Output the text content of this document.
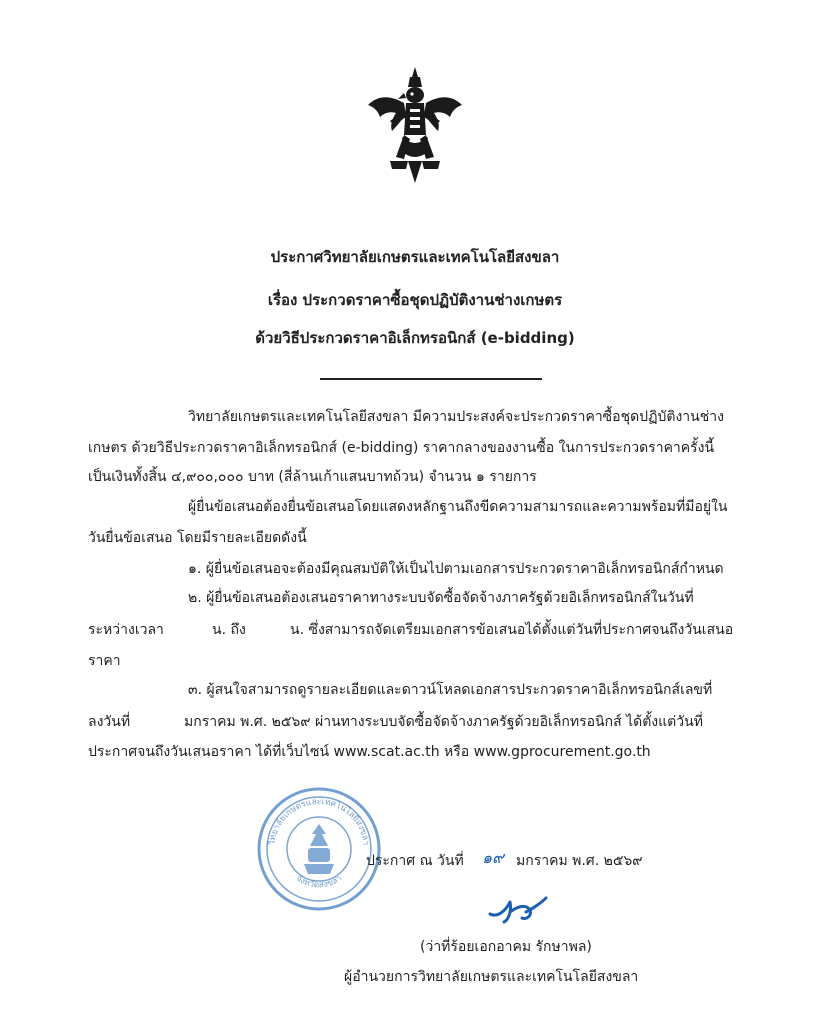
ประกาศวิทยาลัยเกษตรและเทคโนโลยีสงขลา
เรื่อง ประกวดราคาซื้อชุดปฏิบัติงานช่างเกษตร
ด้วยวิธีประกวดราคาอิเล็กทรอนิกส์ (e-bidding)
วิทยาลัยเกษตรและเทคโนโลยีสงขลา มีความประสงค์จะประกวดราคาซื้อชุดปฏิบัติงานช่าง
เกษตร ด้วยวิธีประกวดราคาอิเล็กทรอนิกส์ (e-bidding) ราคากลางของงานซื้อ ในการประกวดราคาครั้งนี้
เป็นเงินทั้งสิ้น ๔,๙๐๐,๐๐๐ บาท (สี่ล้านเก้าแสนบาทถ้วน) จำนวน ๑ รายการ
ผู้ยื่นข้อเสนอต้องยื่นข้อเสนอโดยแสดงหลักฐานถึงขีดความสามารถและความพร้อมที่มีอยู่ใน
วันยื่นข้อเสนอ โดยมีรายละเอียดดังนี้
๑. ผู้ยื่นข้อเสนอจะต้องมีคุณสมบัติให้เป็นไปตามเอกสารประกวดราคาอิเล็กทรอนิกส์กำหนด
๒. ผู้ยื่นข้อเสนอต้องเสนอราคาทางระบบจัดซื้อจัดจ้างภาครัฐด้วยอิเล็กทรอนิกส์ในวันที่
ระหว่างเวลา	น. ถึง	น. ซึ่งสามารถจัดเตรียมเอกสารข้อเสนอได้ตั้งแต่วันที่ประกาศจนถึงวันเสนอ
ราคา
๓. ผู้สนใจสามารถดูรายละเอียดและดาวน์โหลดเอกสารประกวดราคาอิเล็กทรอนิกส์เลขที่
ลงวันที่	มกราคม พ.ศ. ๒๕๖๙ ผ่านทางระบบจัดซื้อจัดจ้างภาครัฐด้วยอิเล็กทรอนิกส์ ได้ตั้งแต่วันที่
ประกาศจนถึงวันเสนอราคา ได้ที่เว็บไซน์ www.scat.ac.th หรือ www.gprocurement.go.th
วิทยาลัยเกษตรและเทคโนโลยีสงขลา
จังหวัดสงขลา
ประกาศ ณ วันที่ ๑๙ มกราคม พ.ศ. ๒๕๖๙
(ว่าที่ร้อยเอกอาคม รักษาพล)
ผู้อำนวยการวิทยาลัยเกษตรและเทคโนโลยีสงขลา
